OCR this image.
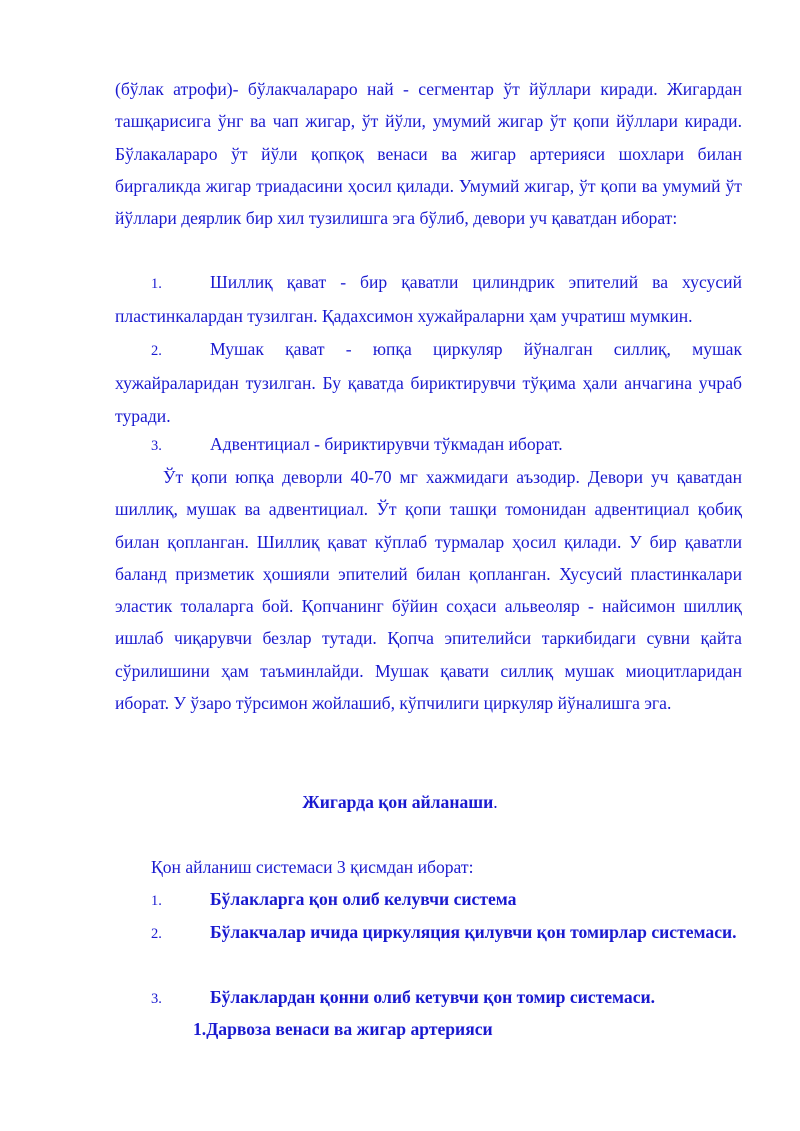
(бўлак атрофи)- бўлакчалараро най - сегментар ўт йўллари киради. Жигардан ташқарисига ўнг ва чап жигар, ўт йўли, умумий жигар ўт қопи йўллари киради. Бўлакалараро ўт йўли қопқоқ венаси ва жигар артерияси шохлари билан биргаликда жигар триадасини ҳосил қилади. Умумий жигар, ўт қопи ва умумий ўт йўллари деярлик бир хил тузилишга эга бўлиб, девори уч қаватдан иборат:

1.	Шиллиқ қават - бир қаватли цилиндрик эпителий ва хусусий пластинкалардан тузилган. Қадахсимон хужайраларни ҳам учратиш мумкин.

2.	Мушак қават - юпқа циркуляр йўналган силлиқ, мушак хужайраларидан тузилган. Бу қаватда бириктирувчи тўқима ҳали анчагина учраб туради.

3.	Адвентициал - бириктирувчи тўкмадан иборат.

Ўт қопи юпқа деворли 40-70 мг хажмидаги аъзодир. Девори уч қаватдан шиллиқ, мушак ва адвентициал. Ўт қопи ташқи томонидан адвентициал қобиқ билан қопланган. Шиллиқ қават кўплаб турмалар ҳосил қилади. У бир қаватли баланд призметик ҳошияли эпителий билан қопланган. Хусусий пластинкалари эластик толаларга бой. Қопчанинг бўйин соҳаси альвеоляр - найсимон шиллиқ ишлаб чиқарувчи безлар тутади. Қопча эпителийси таркибидаги сувни қайта сўрилишини ҳам таъминлайди. Мушак қавати силлиқ мушак миоцитларидан иборат. У ўзаро тўрсимон жойлашиб, кўпчилиги циркуляр йўналишга эга.

Жигарда қон айланаши.

Қон айланиш системаси 3 қисмдан иборат:

1.	Бўлакларга қон олиб келувчи система

2.	Бўлакчалар ичида циркуляция қилувчи қон томирлар системаси.

3.	Бўлаклардан қонни олиб кетувчи қон томир системаси.

1.Дарвоза венаси ва жигар артерияси
